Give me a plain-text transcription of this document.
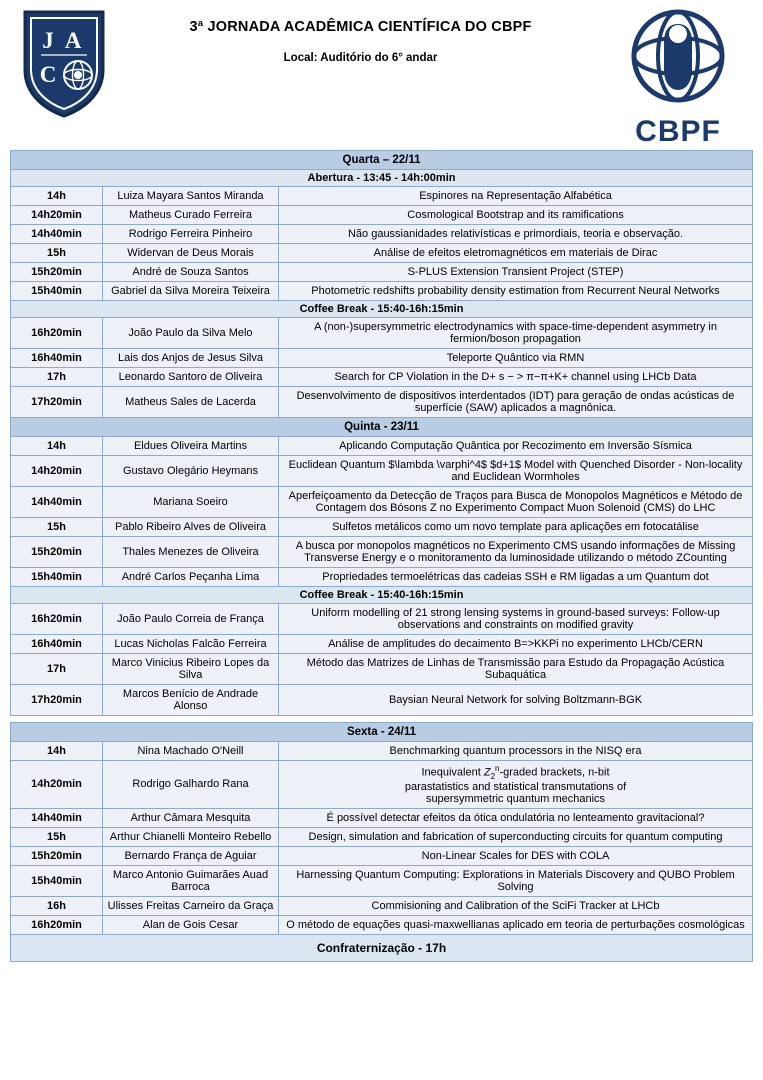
J A
C
3ª JORNADA ACADÊMICA CIENTÍFICA DO CBPF
Local: Auditório do 6° andar
CBPF
Quarta – 22/11		
Abertura - 13:45 - 14h:00min		
14h	Luiza Mayara Santos Miranda	Espinores na Representação Alfabética
14h20min	Matheus Curado Ferreira	Cosmological Bootstrap and its ramifications
14h40min	Rodrigo Ferreira Pinheiro	Não gaussianidades relativísticas e primordiais, teoria e observação.
15h	Widervan de Deus Morais	Análise de efeitos eletromagnéticos em materiais de Dirac
15h20min	André de Souza Santos	S-PLUS Extension Transient Project (STEP)
15h40min	Gabriel da Silva Moreira Teixeira	Photometric redshifts probability density estimation from Recurrent Neural Networks
Coffee Break - 15:40-16h:15min		
16h20min	João Paulo da Silva Melo	A (non-)supersymmetric electrodynamics with space-time-dependent asymmetry in fermion/boson propagation
16h40min	Lais dos Anjos de Jesus Silva	Teleporte Quântico via RMN
17h	Leonardo Santoro de Oliveira	Search for CP Violation in the D+ s − > π−π+K+ channel using LHCb Data
17h20min	Matheus Sales de Lacerda	Desenvolvimento de dispositivos interdentados (IDT) para geração de ondas acústicas de superfície (SAW) aplicados a magnônica.
Quinta - 23/11		
14h	Eldues Oliveira Martins	Aplicando Computação Quântica por Recozimento em Inversão Sísmica
14h20min	Gustavo Olegário Heymans	Euclidean Quantum $\lambda \varphi^4$ $d+1$ Model with Quenched Disorder - Non-locality and Euclidean Wormholes
14h40min	Mariana Soeiro	Aperfeiçoamento da Detecção de Traços para Busca de Monopolos Magnéticos e Método de Contagem dos Bósons Z no Experimento Compact Muon Solenoid (CMS) do LHC
15h	Pablo Ribeiro Alves de Oliveira	Sulfetos metálicos como um novo template para aplicações em fotocatálise
15h20min	Thales Menezes de Oliveira	A busca por monopolos magnéticos no Experimento CMS usando informações de Missing Transverse Energy e o monitoramento da luminosidade utilizando o método ZCounting
15h40min	André Carlos Peçanha Lima	Propriedades termoelétricas das cadeias SSH e RM ligadas a um Quantum dot
Coffee Break - 15:40-16h:15min		
16h20min	João Paulo Correia de França	Uniform modelling of 21 strong lensing systems in ground-based surveys: Follow-up observations and constraints on modified gravity
16h40min	Lucas Nicholas Falcão Ferreira	Análise de amplitudes do decaimento B=>KKPi no experimento LHCb/CERN
17h	Marco Vinicius Ribeiro Lopes da Silva	Método das Matrizes de Linhas de Transmissão para Estudo da Propagação Acústica Subaquática
17h20min	Marcos Benício de Andrade Alonso	Baysian Neural Network for solving Boltzmann-BGK
Sexta - 24/11		
14h	Nina Machado O'Neill	Benchmarking quantum processors in the NISQ era
14h20min	Rodrigo Galhardo Rana	Inequivalent $Z_2^n$-graded brackets, n-bit
parastatistics and statistical transmutations of
supersymmetric quantum mechanics
14h40min	Arthur Câmara Mesquita	É possível detectar efeitos da ótica ondulatória no lenteamento gravitacional?
15h	Arthur Chianelli Monteiro Rebello	Design, simulation and fabrication of superconducting circuits for quantum computing
15h20min	Bernardo França de Aguiar	Non-Linear Scales for DES with COLA
15h40min	Marco Antonio Guimarães Auad Barroca	Harnessing Quantum Computing: Explorations in Materials Discovery and QUBO Problem Solving
16h	Ulisses Freitas Carneiro da Graça	Commisioning and Calibration of the SciFi Tracker at LHCb
16h20min	Alan de Gois Cesar	O método de equações quasi-maxwellianas aplicado em teoria de perturbações cosmológicas
Confraternização - 17h		
